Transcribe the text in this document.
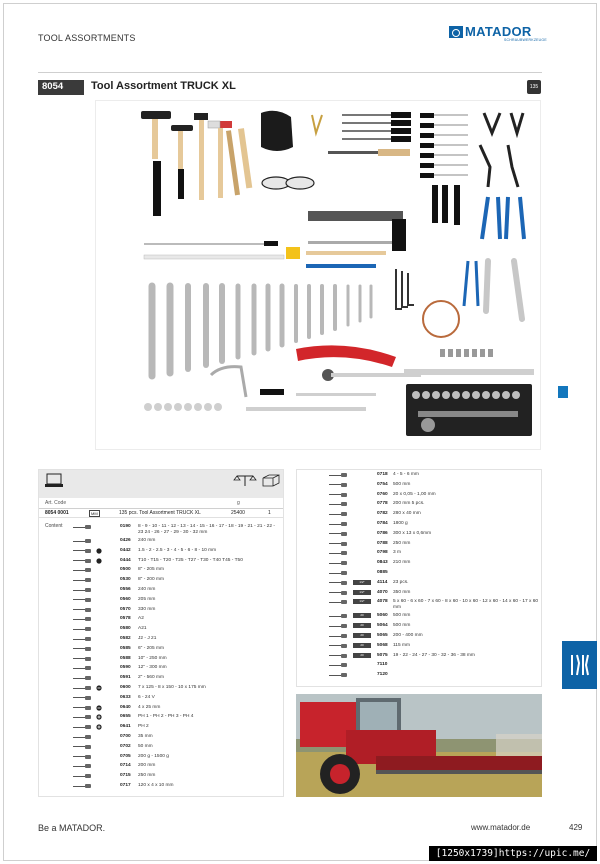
TOOL ASSORTMENTS	MATADOR
SCHRAUBWERKZEUGE
8054	Tool Assortment TRUCK XL	135
Art. Code	g
8054 0001	MM	135 pcs. Tool Assortment TRUCK XL	25400	1
Content	0190 8 - 9 - 10 - 11 - 12 - 13 - 14 - 15 - 16 - 17 - 18 - 19 - 21 - 21 - 22 - 23 24 - 26 - 27 - 29 - 30 - 32 mm
0426 240 mm
0442 1.5 - 2 - 2.5 - 3 - 4 - 5 - 6 - 8 - 10 mm
0444 T10 - T15 - T20 - T25 - T27 - T30 - T40 T45 - T50
0500 8" - 205 mm
0530 8" - 200 mm
0556 240 mm
0560 205 mm
0570 330 mm
0578 A2
0580 A21
0582 J2 - J 21
0585 6" - 205 mm
0588 10" - 250 mm
0590 12" - 300 mm
0591 2" - 560 mm
0600 7 x 125 - 8 x 150 - 10 x 175 mm
0633 6 - 24 V
0640 4 x 25 mm
0655 PH 1 - PH 2 - PH 3 - PH 4
0641 PH 2
0700 35 mm
0702 50 mm
0705 200 g - 1500 g
0714 200 mm
0715 250 mm
0717 120 x 4 x 10 mm
0718 4 - 5 - 6 mm
0754 500 mm
0760 20 x 0,05 - 1,00 mm
0778 200 mm 5 pcs.
0782 280 x 40 mm
0784 1800 g
0786 300 x 13 x 0,6mm
0788 250 mm
0798 3 m
0843 210 mm
0885
1/2"	4114 23 pcs.
1/2"	4070 350 mm
1/2"	4078 5 x 60 - 6 x 60 - 7 x 60 - 8 x 60 - 10 x 60 - 12 x 60 - 14 x 60 - 17 x 60 mm
20	5060 500 mm
20	5064 500 mm
20	5065 200 - 400 mm
20	5068 115 mm
20	5075 19 - 22 - 24 - 27 - 30 - 32 - 36 - 38 mm
7110
7120
Be a MATADOR.	www.matador.de	429
[1250x1739]https://upic.me/
